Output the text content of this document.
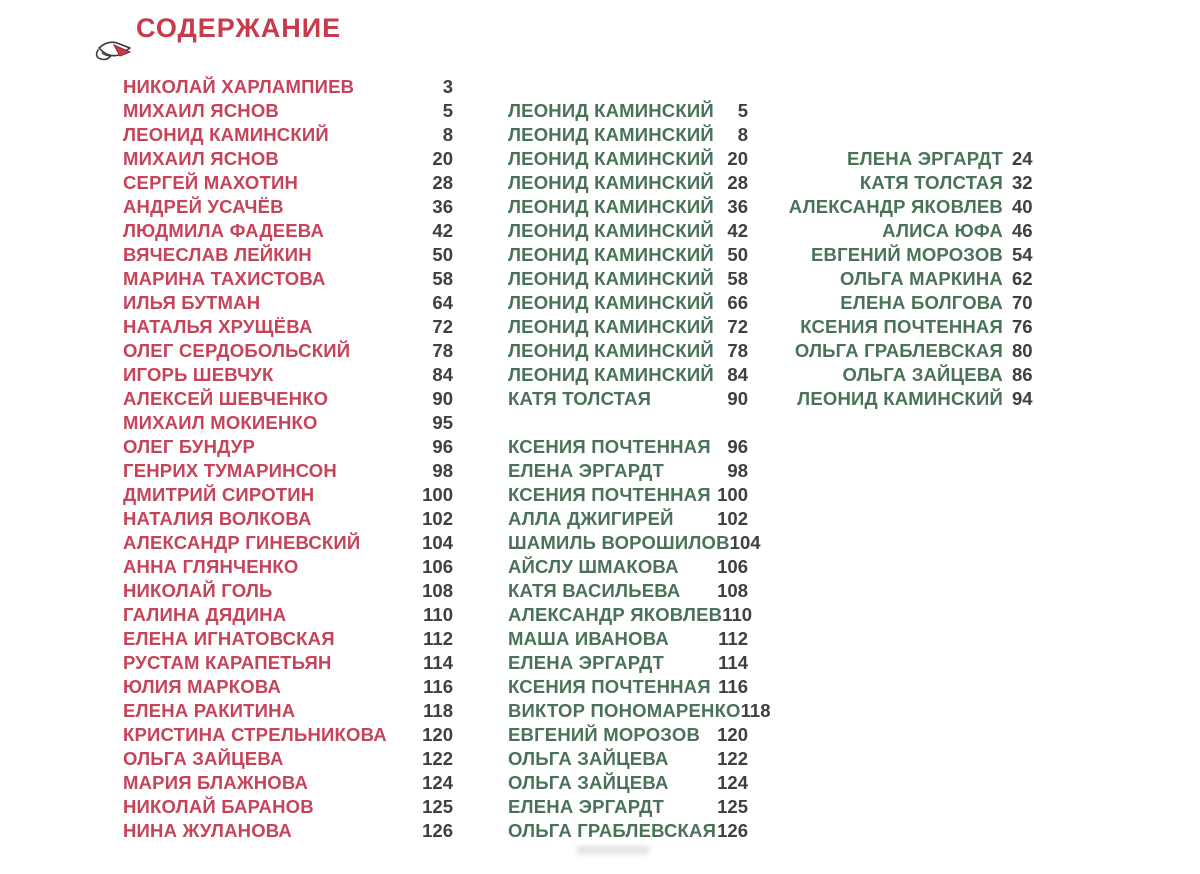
СОДЕРЖАНИЕ
НИКОЛАЙ ХАРЛАМПИЕВ	3
МИХАИЛ ЯСНОВ	5
ЛЕОНИД КАМИНСКИЙ	8
МИХАИЛ ЯСНОВ	20
СЕРГЕЙ МАХОТИН	28
АНДРЕЙ УСАЧЁВ	36
ЛЮДМИЛА ФАДЕЕВА	42
ВЯЧЕСЛАВ ЛЕЙКИН	50
МАРИНА ТАХИСТОВА	58
ИЛЬЯ БУТМАН	64
НАТАЛЬЯ ХРУЩЁВА	72
ОЛЕГ СЕРДОБОЛЬСКИЙ	78
ИГОРЬ ШЕВЧУК	84
АЛЕКСЕЙ ШЕВЧЕНКО	90
МИХАИЛ МОКИЕНКО	95
ОЛЕГ БУНДУР	96
ГЕНРИХ ТУМАРИНСОН	98
ДМИТРИЙ СИРОТИН	100
НАТАЛИЯ ВОЛКОВА	102
АЛЕКСАНДР ГИНЕВСКИЙ	104
АННА ГЛЯНЧЕНКО	106
НИКОЛАЙ ГОЛЬ	108
ГАЛИНА ДЯДИНА	110
ЕЛЕНА ИГНАТОВСКАЯ	112
РУСТАМ КАРАПЕТЬЯН	114
ЮЛИЯ МАРКОВА	116
ЕЛЕНА РАКИТИНА	118
КРИСТИНА СТРЕЛЬНИКОВА 120
ОЛЬГА ЗАЙЦЕВА	122
МАРИЯ БЛАЖНОВА	124
НИКОЛАЙ БАРАНОВ	125
НИНА ЖУЛАНОВА	126
ЛЕОНИД КАМИНСКИЙ 5
ЛЕОНИД КАМИНСКИЙ 8
ЛЕОНИД КАМИНСКИЙ 20
ЛЕОНИД КАМИНСКИЙ 28
ЛЕОНИД КАМИНСКИЙ 36
ЛЕОНИД КАМИНСКИЙ 42
ЛЕОНИД КАМИНСКИЙ 50
ЛЕОНИД КАМИНСКИЙ 58
ЛЕОНИД КАМИНСКИЙ 66
ЛЕОНИД КАМИНСКИЙ 72
ЛЕОНИД КАМИНСКИЙ 78
ЛЕОНИД КАМИНСКИЙ 84
КАТЯ ТОЛСТАЯ	90
КСЕНИЯ ПОЧТЕННАЯ 96
ЕЛЕНА ЭРГАРДТ	98
КСЕНИЯ ПОЧТЕННАЯ 100
АЛЛА ДЖИГИРЕЙ 102
ШАМИЛЬ ВОРОШИЛОВ 104
АЙСЛУ ШМАКОВА 106
КАТЯ ВАСИЛЬЕВА 108
АЛЕКСАНДР ЯКОВЛЕВ 110
МАША ИВАНОВА	112
ЕЛЕНА ЭРГАРДТ	114
КСЕНИЯ ПОЧТЕННАЯ 116
ВИКТОР ПОНОМАРЕНКО 118
ЕВГЕНИЙ МОРОЗОВ 120
ОЛЬГА ЗАЙЦЕВА	122
ОЛЬГА ЗАЙЦЕВА	124
ЕЛЕНА ЭРГАРДТ	125
ОЛЬГА ГРАБЛЕВСКАЯ 126
ЕЛЕНА ЭРГАРДТ 24
КАТЯ ТОЛСТАЯ 32
АЛЕКСАНДР ЯКОВЛЕВ 40
АЛИСА ЮФА 46
ЕВГЕНИЙ МОРОЗОВ 54
ОЛЬГА МАРКИНА 62
ЕЛЕНА БОЛГОВА 70
КСЕНИЯ ПОЧТЕННАЯ 76
ОЛЬГА ГРАБЛЕВСКАЯ 80
ОЛЬГА ЗАЙЦЕВА 86
ЛЕОНИД КАМИНСКИЙ 94
